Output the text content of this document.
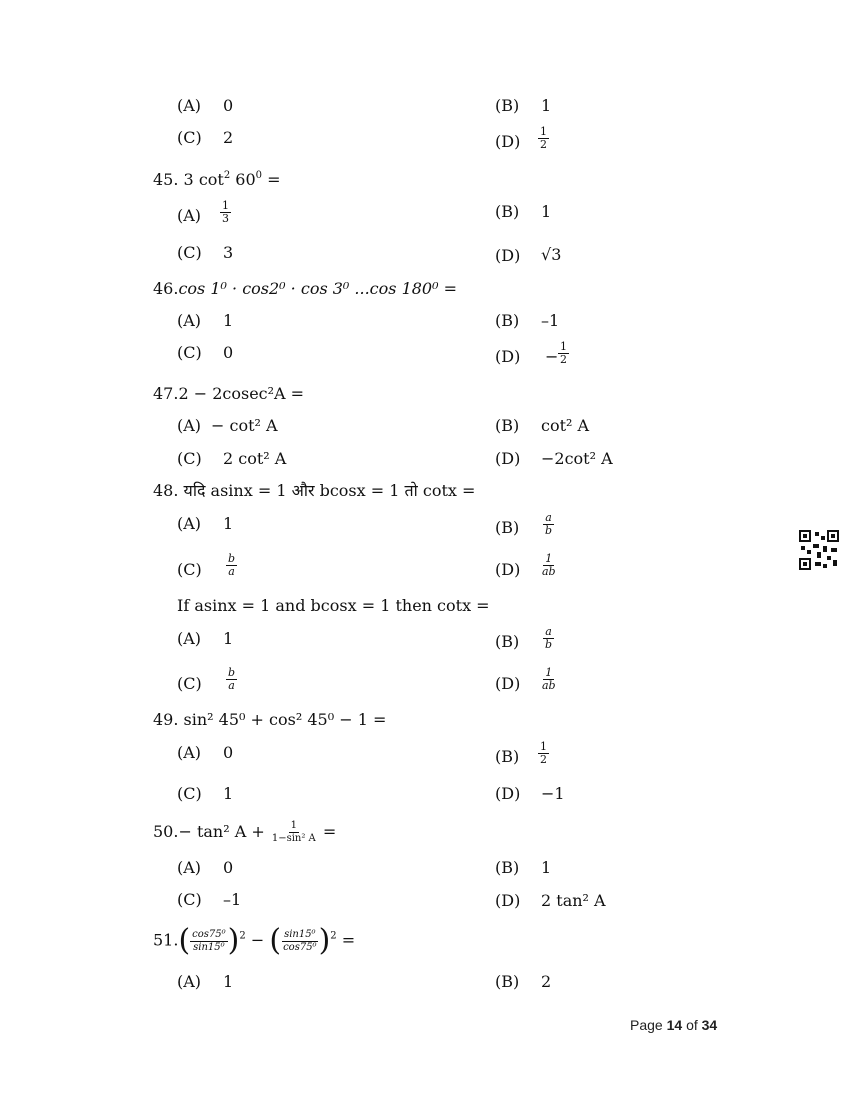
(A) 0	(B) 1
(C) 2	$(D) \frac{1}{2}$
45. 3 $\cot^2 60^0$ =
$(A) \frac{1}{3}$	(B) 1
(C) 3	(D) √3
46.cos 1⁰ · cos2⁰ · cos 3⁰ ...cos 180⁰ =
(A) 1	(B) –1
(C) 0	$(D) - \frac{1}{2}$
47.2 − 2cosec²A =
(A) − cot² A	(B) cot² A
(C) 2 cot² A	(D) −2cot² A
48. यदि asinx = 1 और bcosx = 1 तो cotx =
(A) 1	$(B) \frac{a}{b}$
$(C) \frac{b}{a}$	$(D) \frac{1}{ab}$
If asinx = 1 and bcosx = 1 then cotx =
(A) 1	$(B) \frac{a}{b}$
$(C) \frac{b}{a}$	$(D) \frac{1}{ab}$
49. sin² 45⁰ + cos² 45⁰ − 1 =
(A) 0	$(B) \frac{1}{2}$
(C) 1	(D) −1
50.− tan² $A + \frac{1}{\text{1−sin² A}}$ =
(A) 0	(B) 1
(C) –1	(D) 2 tan² A
$51.( \frac{\text{cos75⁰}}{\text{sin15⁰}} )^2$ − ( $\frac{\text{sin15⁰}}{\text{cos75⁰}} )^2$ =
(A) 1	(B) 2
Page 14 of 34
